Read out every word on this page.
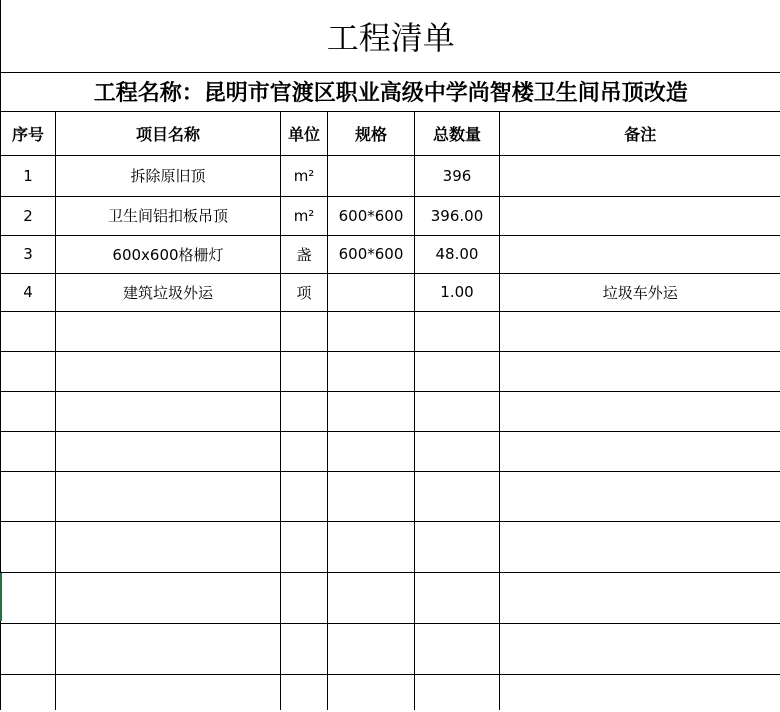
工程清单					
工程名称：昆明市官渡区职业高级中学尚智楼卫生间吊顶改造					
序号	项目名称	单位	规格	总数量	备注
1	拆除原旧顶	m²		396	
2	卫生间铝扣板吊顶	m²	600*600	396.00	
3	600x600格栅灯	盏	600*600	48.00	
4	建筑垃圾外运	项		1.00	垃圾车外运
